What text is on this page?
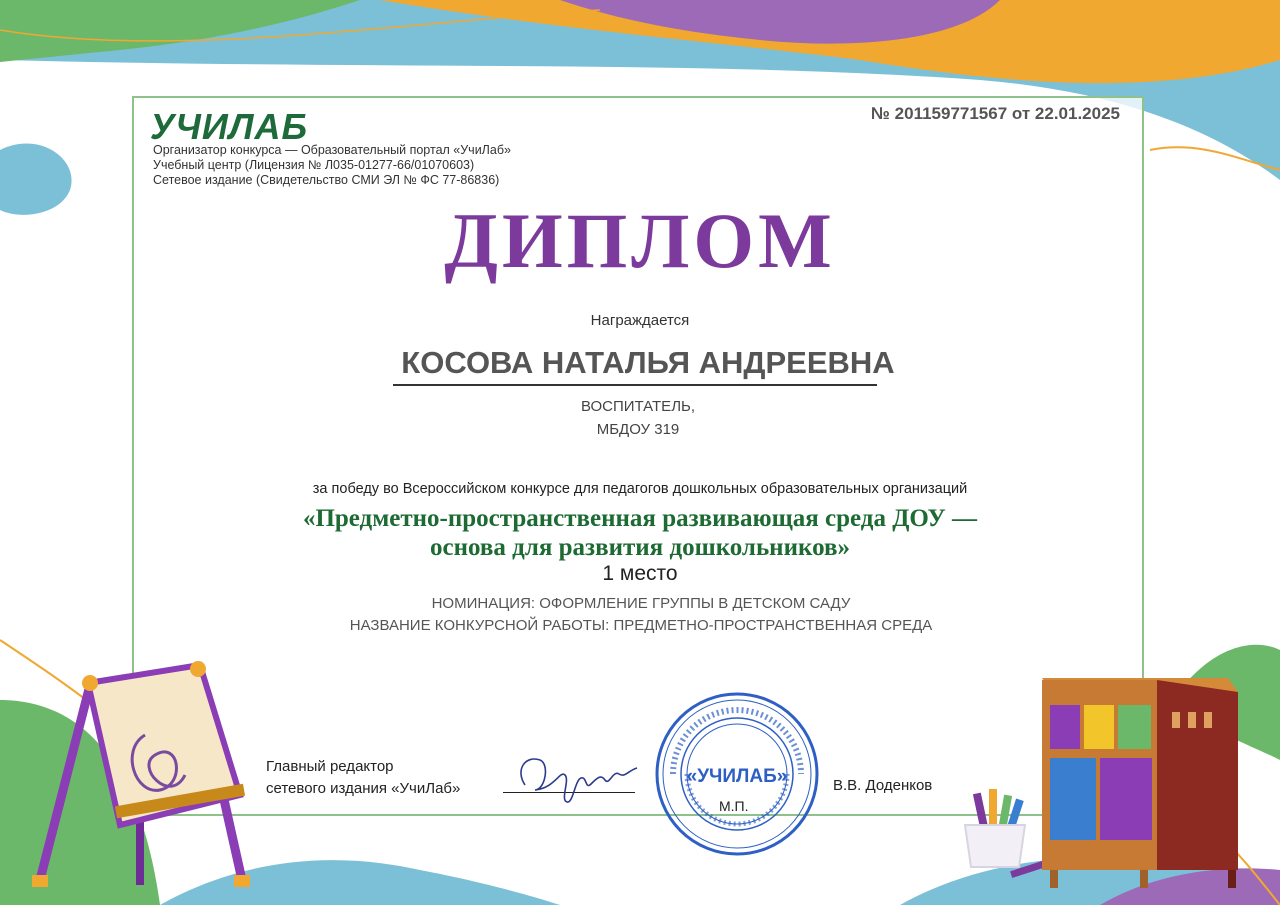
УЧИЛАБ
Организатор конкурса — Образовательный портал «УчиЛаб»
Учебный центр (Лицензия № Л035-01277-66/01070603)
Сетевое издание (Свидетельство СМИ ЭЛ № ФС 77-86836)
№ 201159771567 от 22.01.2025
ДИПЛОМ
Награждается
КОСОВА НАТАЛЬЯ АНДРЕЕВНА
ВОСПИТАТЕЛЬ,
МБДОУ 319
за победу во Всероссийском конкурсе для педагогов дошкольных образовательных организаций
«Предметно-пространственная развивающая среда ДОУ —
основа для развития дошкольников»
1 место
НОМИНАЦИЯ: ОФОРМЛЕНИЕ ГРУППЫ В ДЕТСКОМ САДУ
НАЗВАНИЕ КОНКУРСНОЙ РАБОТЫ: ПРЕДМЕТНО-ПРОСТРАНСТВЕННАЯ СРЕДА
Главный редактор
сетевого издания «УчиЛаб»	В.В. Доденков
«УЧИЛАБ»
М.П.
